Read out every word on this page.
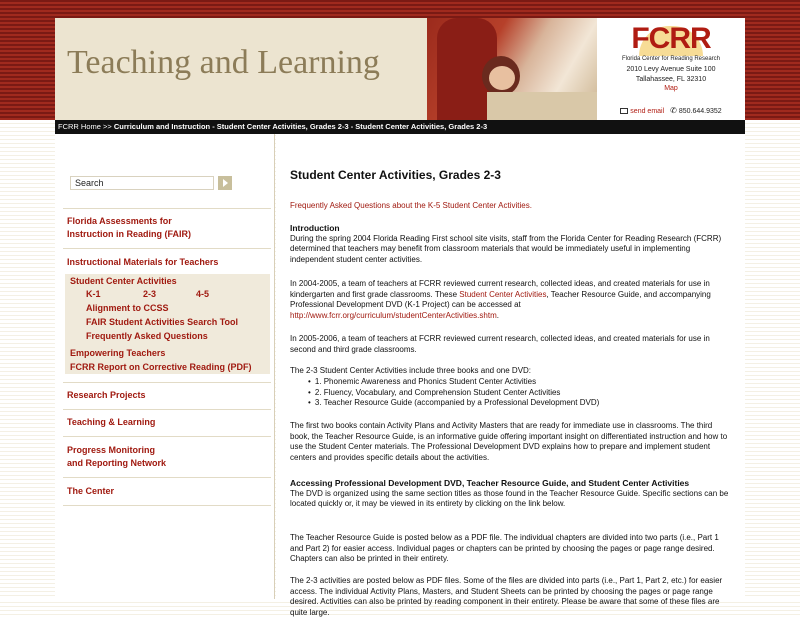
Teaching and Learning
FCRR
Florida Center for Reading Research
2010 Levy Avenue Suite 100
Tallahassee, FL 32310
Map
send email ✆ 850.644.9352
FCRR Home >> Curriculum and Instruction - Student Center Activities, Grades 2-3 - Student Center Activities, Grades 2-3
Search
Florida Assessments for
Instruction in Reading (FAIR)
Instructional Materials for Teachers
Student Center Activities
K-1	2-3	4-5
Alignment to CCSS
FAIR Student Activities Search Tool
Frequently Asked Questions
Empowering Teachers
FCRR Report on Corrective Reading (PDF)
Research Projects
Teaching & Learning
Progress Monitoring
and Reporting Network
The Center
Student Center Activities, Grades 2-3
Frequently Asked Questions about the K-5 Student Center Activities.
Introduction
During the spring 2004 Florida Reading First school site visits, staff from the Florida Center for Reading Research (FCRR) determined that teachers may benefit from classroom materials that would be immediately useful in implementing independent student center activities.
In 2004-2005, a team of teachers at FCRR reviewed current research, collected ideas, and created materials for use in kindergarten and first grade classrooms. These Student Center Activities, Teacher Resource Guide, and accompanying Professional Development DVD (K-1 Project) can be accessed at http://www.fcrr.org/curriculum/studentCenterActivities.shtm.
In 2005-2006, a team of teachers at FCRR reviewed current research, collected ideas, and created materials for use in second and third grade classrooms.
The 2-3 Student Center Activities include three books and one DVD:
• 1. Phonemic Awareness and Phonics Student Center Activities
• 2. Fluency, Vocabulary, and Comprehension Student Center Activities
• 3. Teacher Resource Guide (accompanied by a Professional Development DVD)
The first two books contain Activity Plans and Activity Masters that are ready for immediate use in classrooms. The third book, the Teacher Resource Guide, is an informative guide offering important insight on differentiated instruction and how to use the Student Center materials. The Professional Development DVD explains how to prepare and implement student centers and provides specific details about the activities.
Accessing Professional Development DVD, Teacher Resource Guide, and Student Center Activities
The DVD is organized using the same section titles as those found in the Teacher Resource Guide. Specific sections can be located quickly or, it may be viewed in its entirety by clicking on the link below.
The Teacher Resource Guide is posted below as a PDF file. The individual chapters are divided into two parts (i.e., Part 1 and Part 2) for easier access. Individual pages or chapters can be printed by choosing the pages or page range desired. Chapters can also be printed in their entirety.
The 2-3 activities are posted below as PDF files. Some of the files are divided into parts (i.e., Part 1, Part 2, etc.) for easier access. The individual Activity Plans, Masters, and Student Sheets can be printed by choosing the pages or page range desired. Activities can also be printed by reading component in their entirety. Please be aware that some of these files are quite large.
